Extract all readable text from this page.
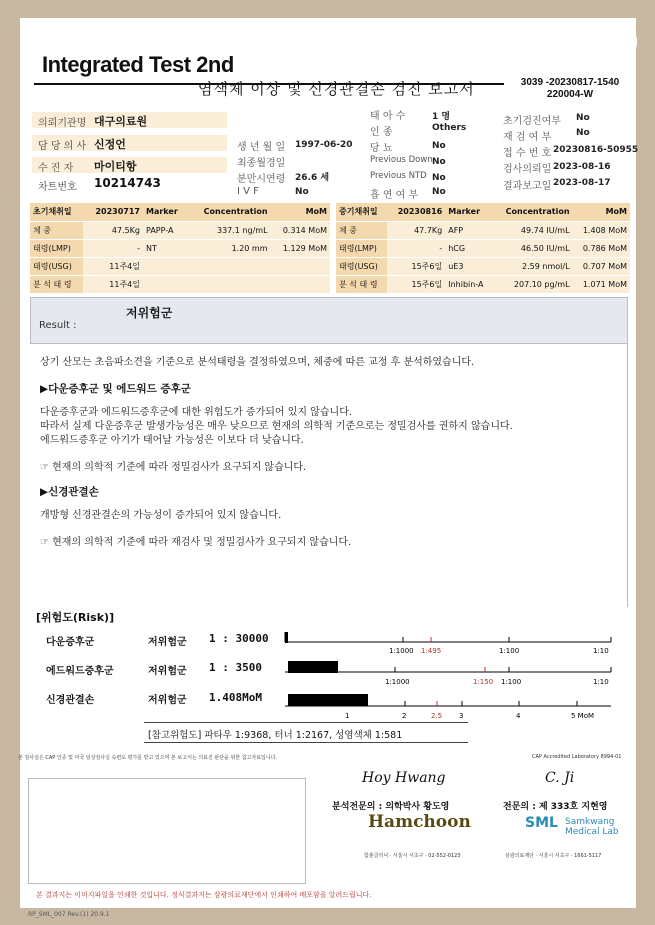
SML
Integrated Test 2nd
염색체 이상 및 신경관결손 검진 보고서	3039 -20230817-1540
220004-W
의뢰기관명 대구의료원
담 당 의 사 신정언
수 진 자 마이티항
차트번호 10214743
생 년 월 일 1997-06-20
최종월경일
분만시연령 26.6 세
I V F	No
태 아 수	1 명
인 종	Others
당 뇨	No
Previous Down No
Previous NTD No
흡 연 여 부 No
초기검진여부 No
재 검 여 부	No
접 수 번 호 20230816-50955
검사의뢰일 2023-08-16
결과보고일 2023-08-17
초기채취일	20230717	Marker	Concentration	MoM
체 중	47.5Kg	PAPP-A	337.1 ng/mL	0.314 MoM
태령(LMP)	-	NT	1.20 mm	1.129 MoM
태령(USG)	11주4일			
분 석 태 령	11주4일			
중기채취일	20230816	Marker	Concentration	MoM
체 중	47.7Kg	AFP	49.74 IU/mL	1.408 MoM
태령(LMP)	-	hCG	46.50 IU/mL	0.786 MoM
태령(USG)	15주6일	uE3	2.59 nmol/L	0.707 MoM
분 석 태 령	15주6일	Inhibin-A	207.10 pg/mL	1.071 MoM
Result :
저위험군
상기 산모는 초음파소견을 기준으로 분석태령을 결정하였으며, 체중에 따른 교정 후 분석하였습니다.
▶다운증후군 및 에드워드 증후군
다운증후군과 에드워드증후군에 대한 위험도가 증가되어 있지 않습니다.
따라서 실제 다운증후군 발생가능성은 매우 낮으므로 현재의 의학적 기준으로는 정밀검사를 권하지 않습니다.
에드워드증후군 아기가 태어날 가능성은 이보다 더 낮습니다.
☞ 현재의 의학적 기준에 따라 정밀검사가 요구되지 않습니다.
▶신경관결손
개방형 신경관결손의 가능성이 증가되어 있지 않습니다.
☞ 현재의 의학적 기준에 따라 재검사 및 정밀검사가 요구되지 않습니다.
[위험도(Risk)]
다운증후군	저위험군 1 : 30000
1:1000 1:495	1:100	1:10
에드워드증후군	저위험군 1 : 3500
1:1000	1:150 1:100	1:10
신경관결손	저위험군 1.408MoM
1	2	2.5 3	4	5 MoM
[참고위험도] 파타우 1:9368, 터너 1:2167, 성염색체 1:581
본 검사실은 CAP 인증 및 미국 임상검사실 숙련도 평가를 받고 있으며 본 보고서는 의료진 판단을 위한 참고자료입니다.	CAP Accredited Laboratory 8994-01
Hoy Hwang
분석전문의 : 의학박사 황도영
Hamchoon
함춘클리닉 · 서울시 서초구 · 02-552-0123
C. Ji
전문의 : 제 333호 지현영
SML Samkwang Medical Lab
삼광의료재단 · 서울시 서초구 · 1661-5117
본 결과지는 이미지파일을 인쇄한 것입니다. 정식결과지는 삼광의료재단에서 인쇄하여 배포함을 알려드립니다.
RP_SML_007 Rev.(1) 20.9.1
